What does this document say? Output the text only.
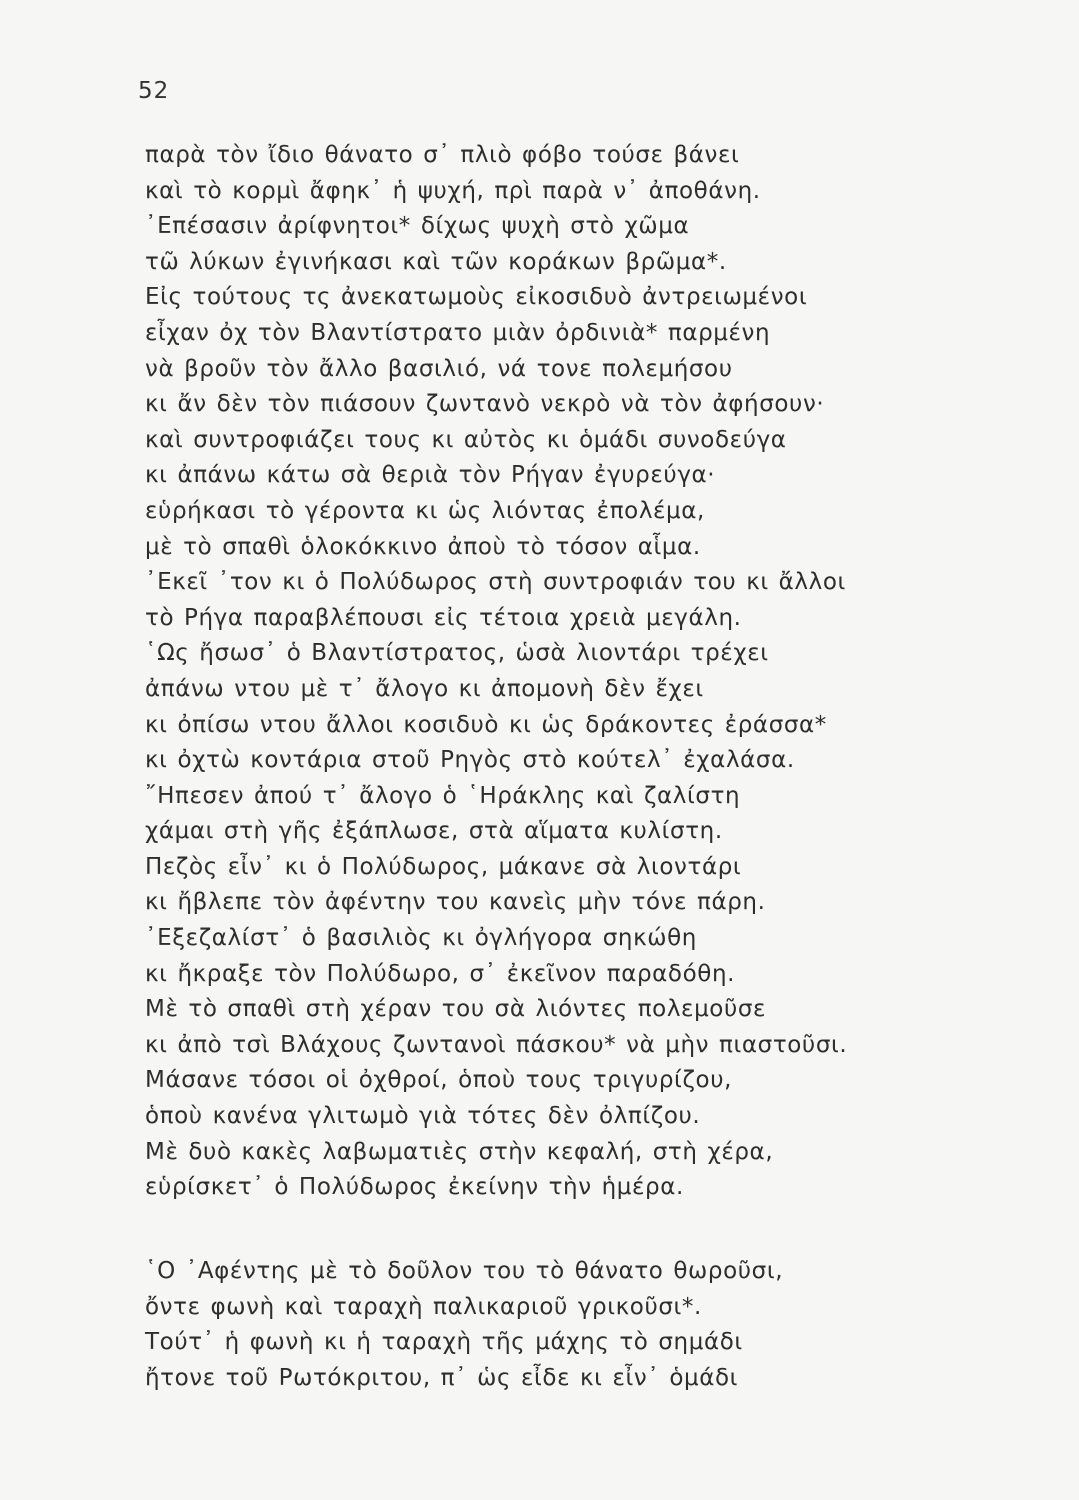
52
παρὰ τὸν ἴδιο θάνατο σ᾿ πλιὸ φόβο τούσε βάνει
καὶ τὸ κορμὶ ἄφηκ᾿ ἡ ψυχή, πρὶ παρὰ ν᾿ ἀποθάνη.
᾿Επέσασιν ἀρίφνητοι* δίχως ψυχὴ στὸ χῶμα
τῶ λύκων ἐγινήκασι καὶ τῶν κοράκων βρῶμα*.
Εἰς τούτους τς ἀνεκατωμοὺς εἰκοσιδυὸ ἀντρειωμένοι
εἶχαν ὀχ τὸν Βλαντίστρατο μιὰν ὀρδινιὰ* παρμένη
νὰ βροῦν τὸν ἄλλο βασιλιό, νά τονε πολεμήσου
κι ἄν δὲν τὸν πιάσουν ζωντανὸ νεκρὸ νὰ τὸν ἀφήσουν·
καὶ συντροφιάζει τους κι αὐτὸς κι ὁμάδι συνοδεύγα
κι ἀπάνω κάτω σὰ θεριὰ τὸν Ρήγαν ἐγυρεύγα·
εὑρήκασι τὸ γέροντα κι ὡς λιόντας ἐπολέμα,
μὲ τὸ σπαθὶ ὁλοκόκκινο ἀποὺ τὸ τόσον αἷμα.
᾿Εκεῖ ᾿τον κι ὁ Πολύδωρος στὴ συντροφιάν του κι ἄλλοι
τὸ Ρήγα παραβλέπουσι εἰς τέτοια χρειὰ μεγάλη.
῾Ως ἤσωσ᾿ ὁ Βλαντίστρατος, ὡσὰ λιοντάρι τρέχει
ἀπάνω ντου μὲ τ᾿ ἄλογο κι ἀπομονὴ δὲν ἔχει
κι ὀπίσω ντου ἄλλοι κοσιδυὸ κι ὡς δράκοντες ἐράσσα*
κι ὀχτὼ κοντάρια στοῦ Ρηγὸς στὸ κούτελ᾿ ἐχαλάσα.
῎Ηπεσεν ἀπού τ᾿ ἄλογο ὁ ῾Ηράκλης καὶ ζαλίστη
χάμαι στὴ γῆς ἐξάπλωσε, στὰ αἵματα κυλίστη.
Πεζὸς εἶν᾿ κι ὁ Πολύδωρος, μάκανε σὰ λιοντάρι
κι ἤβλεπε τὸν ἀφέντην του κανεὶς μὴν τόνε πάρη.
᾿Εξεζαλίστ᾿ ὁ βασιλιὸς κι ὀγλήγορα σηκώθη
κι ἤκραξε τὸν Πολύδωρο, σ᾿ ἐκεῖνον παραδόθη.
Μὲ τὸ σπαθὶ στὴ χέραν του σὰ λιόντες πολεμοῦσε
κι ἀπὸ τσὶ Βλάχους ζωντανοὶ πάσκου* νὰ μὴν πιαστοῦσι.
Μάσανε τόσοι οἱ ὀχθροί, ὁποὺ τους τριγυρίζου,
ὁποὺ κανένα γλιτωμὸ γιὰ τότες δὲν ὀλπίζου.
Μὲ δυὸ κακὲς λαβωματιὲς στὴν κεφαλή, στὴ χέρα,
εὑρίσκετ᾿ ὁ Πολύδωρος ἐκείνην τὴν ἡμέρα.
῾Ο ᾿Αφέντης μὲ τὸ δοῦλον του τὸ θάνατο θωροῦσι,
ὄντε φωνὴ καὶ ταραχὴ παλικαριοῦ γρικοῦσι*.
Τούτ᾿ ἡ φωνὴ κι ἡ ταραχὴ τῆς μάχης τὸ σημάδι
ἤτονε τοῦ Ρωτόκριτου, π᾿ ὡς εἶδε κι εἶν᾿ ὁμάδι
